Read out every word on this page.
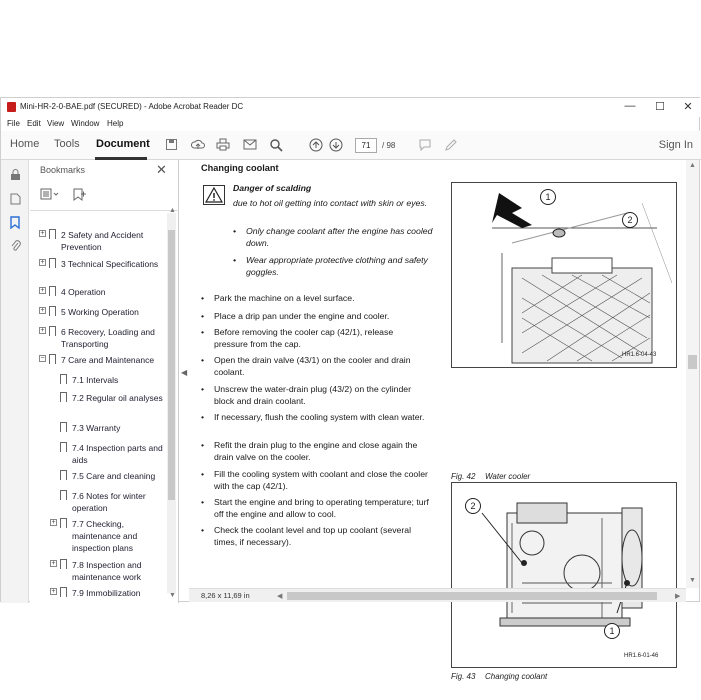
Mini-HR-2-0-BAE.pdf (SECURED) - Adobe Acrobat Reader DC	— ☐ ✕
File Edit View Window Help
Home Tools Document	71	/ 98	Sign In
Bookmarks	✕
+ 2 Safety and Accident Prevention
+ 3 Technical Specifications
+ 4 Operation
+ 5 Working Operation
+ 6 Recovery, Loading and Transporting
− 7 Care and Maintenance
7.1 Intervals
7.2 Regular oil analyses
7.3 Warranty
7.4 Inspection parts and aids
7.5 Care and cleaning
7.6 Notes for winter operation
+ 7.7 Checking, maintenance and inspection plans
+ 7.8 Inspection and maintenance work
+ 7.9 Immobilization
▲
▼
◀
Changing coolant
Danger of scalding
due to hot oil getting into contact with skin or eyes.
• Only change coolant after the engine has cooled down.
• Wear appropriate protective clothing and safety goggles.
• Park the machine on a level surface.
• Place a drip pan under the engine and cooler.
• Before removing the cooler cap (42/1), release pressure from the cap.
• Open the drain valve (43/1) on the cooler and drain coolant.
• Unscrew the water-drain plug (43/2) on the cylinder block and drain coolant.
• If necessary, flush the cooling system with clean water.
• Refit the drain plug to the engine and close again the drain valve on the cooler.
• Fill the cooling system with coolant and close the cooler with the cap (42/1).
• Start the engine and bring to operating temperature; turf off the engine and allow to cool.
• Check the coolant level and top up coolant (several times, if necessary).
1
2
HR1.6-04-43
Fig. 42 Water cooler
2
1
HR1.6-01-46
Fig. 43 Changing coolant
▲
▼
8,26 x 11,69 in	◀	▶
